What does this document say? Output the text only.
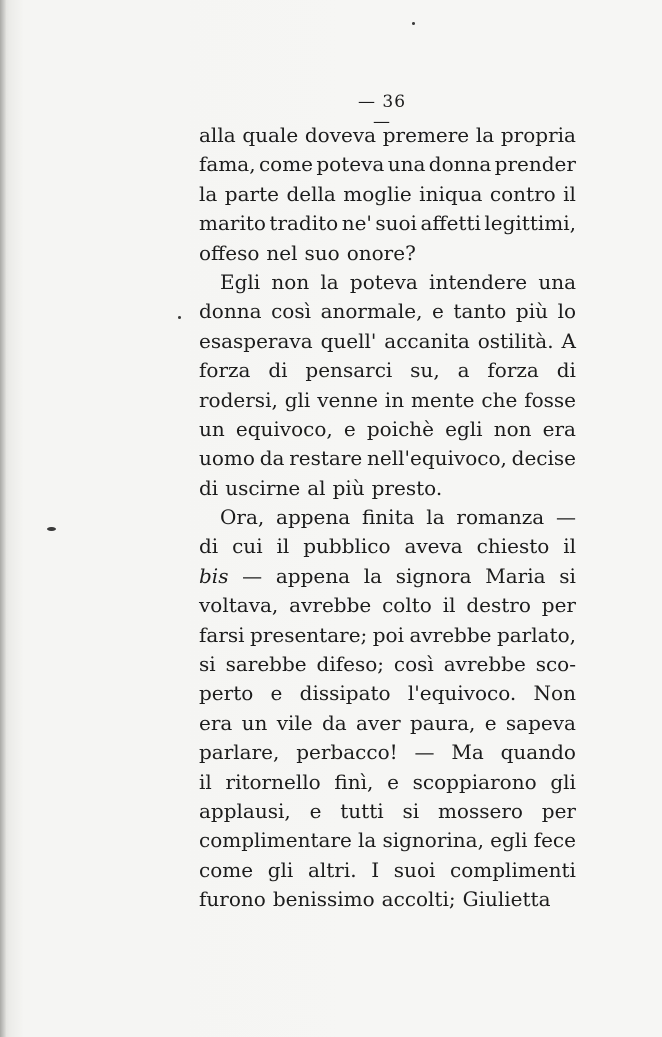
— 36 —
alla quale doveva premere la propria
fama, come poteva una donna prender
la parte della moglie iniqua contro il
marito tradito ne' suoi affetti legittimi,
offeso nel suo onore?
Egli non la poteva intendere una
donna così anormale, e tanto più lo
esasperava quell' accanita ostilità. A
forza di pensarci su, a forza di
rodersi, gli venne in mente che fosse
un equivoco, e poichè egli non era
uomo da restare nell'equivoco, decise
di uscirne al più presto.
Ora, appena finita la romanza —
di cui il pubblico aveva chiesto il
bis — appena la signora Maria si
voltava, avrebbe colto il destro per
farsi presentare; poi avrebbe parlato,
si sarebbe difeso; così avrebbe sco-
perto e dissipato l'equivoco. Non
era un vile da aver paura, e sapeva
parlare, perbacco! — Ma quando
il ritornello finì, e scoppiarono gli
applausi, e tutti si mossero per
complimentare la signorina, egli fece
come gli altri. I suoi complimenti
furono benissimo accolti; Giulietta
